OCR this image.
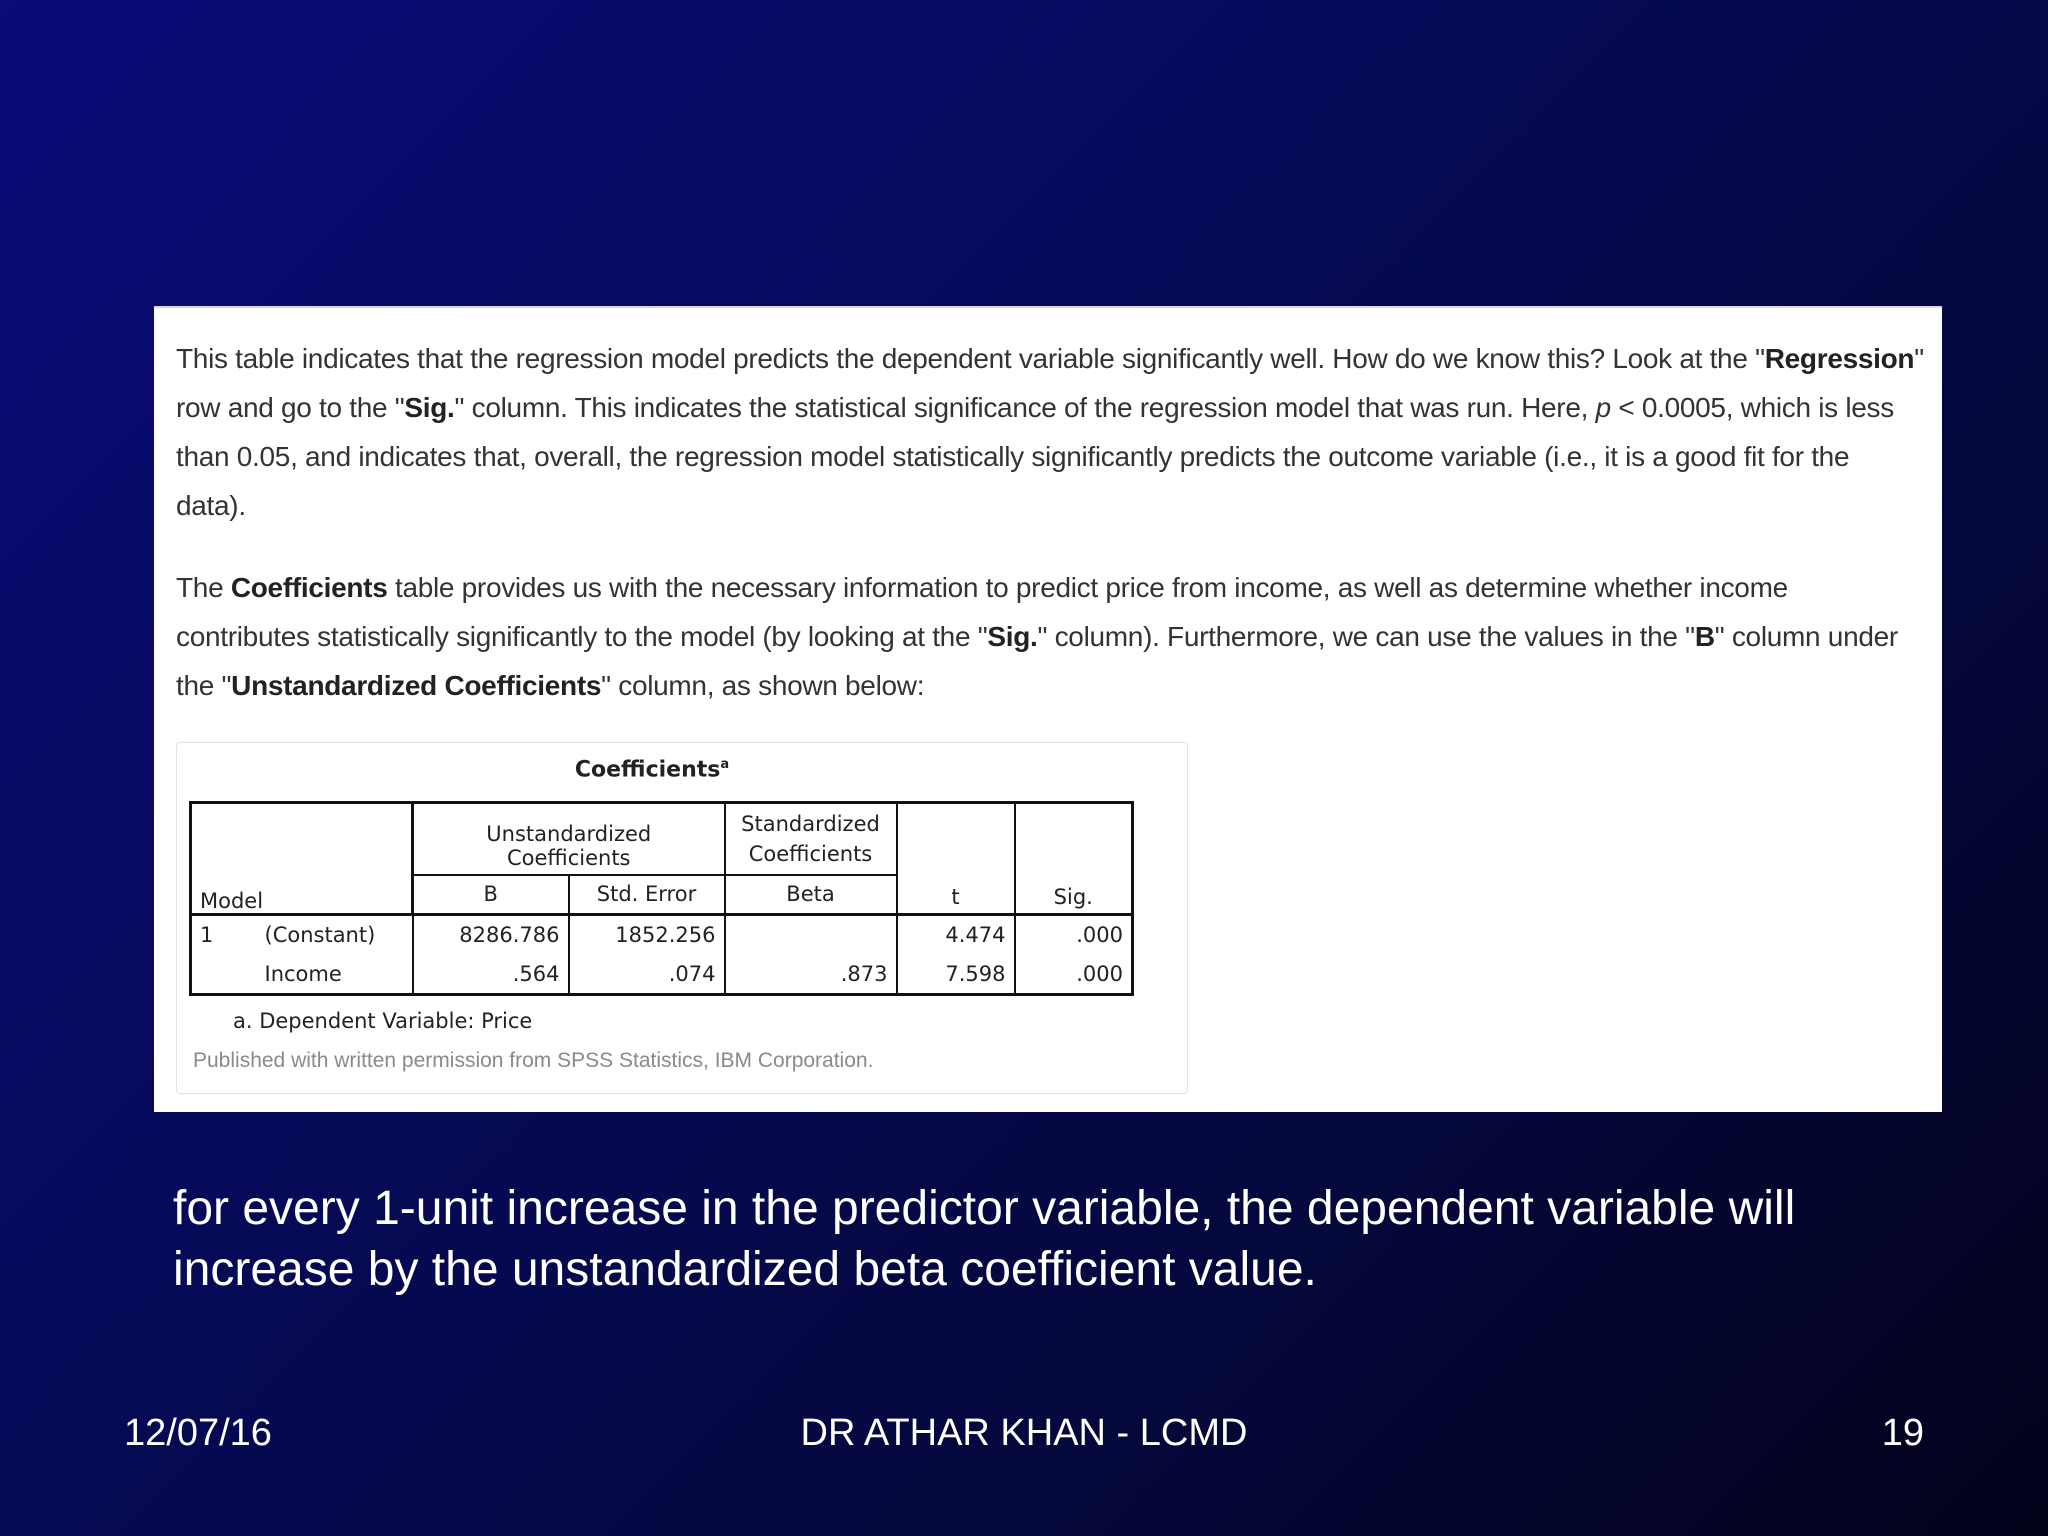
This table indicates that the regression model predicts the dependent variable significantly well. How do we know this? Look at the "Regression" row and go to the "Sig." column. This indicates the statistical significance of the regression model that was run. Here, p < 0.0005, which is less than 0.05, and indicates that, overall, the regression model statistically significantly predicts the outcome variable (i.e., it is a good fit for the data).
The Coefficients table provides us with the necessary information to predict price from income, as well as determine whether income contributes statistically significantly to the model (by looking at the "Sig." column). Furthermore, we can use the values in the "B" column under the "Unstandardized Coefficients" column, as shown below:
Coefficients$^a$
Model		Unstandardized Coefficients		Standardized Coefficients	t	Sig.
		B	Std. Error	Beta		
1	(Constant)	8286.786	1852.256		4.474	.000
	Income	.564	.074	.873	7.598	.000
a. Dependent Variable: Price
Published with written permission from SPSS Statistics, IBM Corporation.
for every 1-unit increase in the predictor variable, the dependent variable will increase by the unstandardized beta coefficient value.
12/07/16	DR ATHAR KHAN - LCMD	19
